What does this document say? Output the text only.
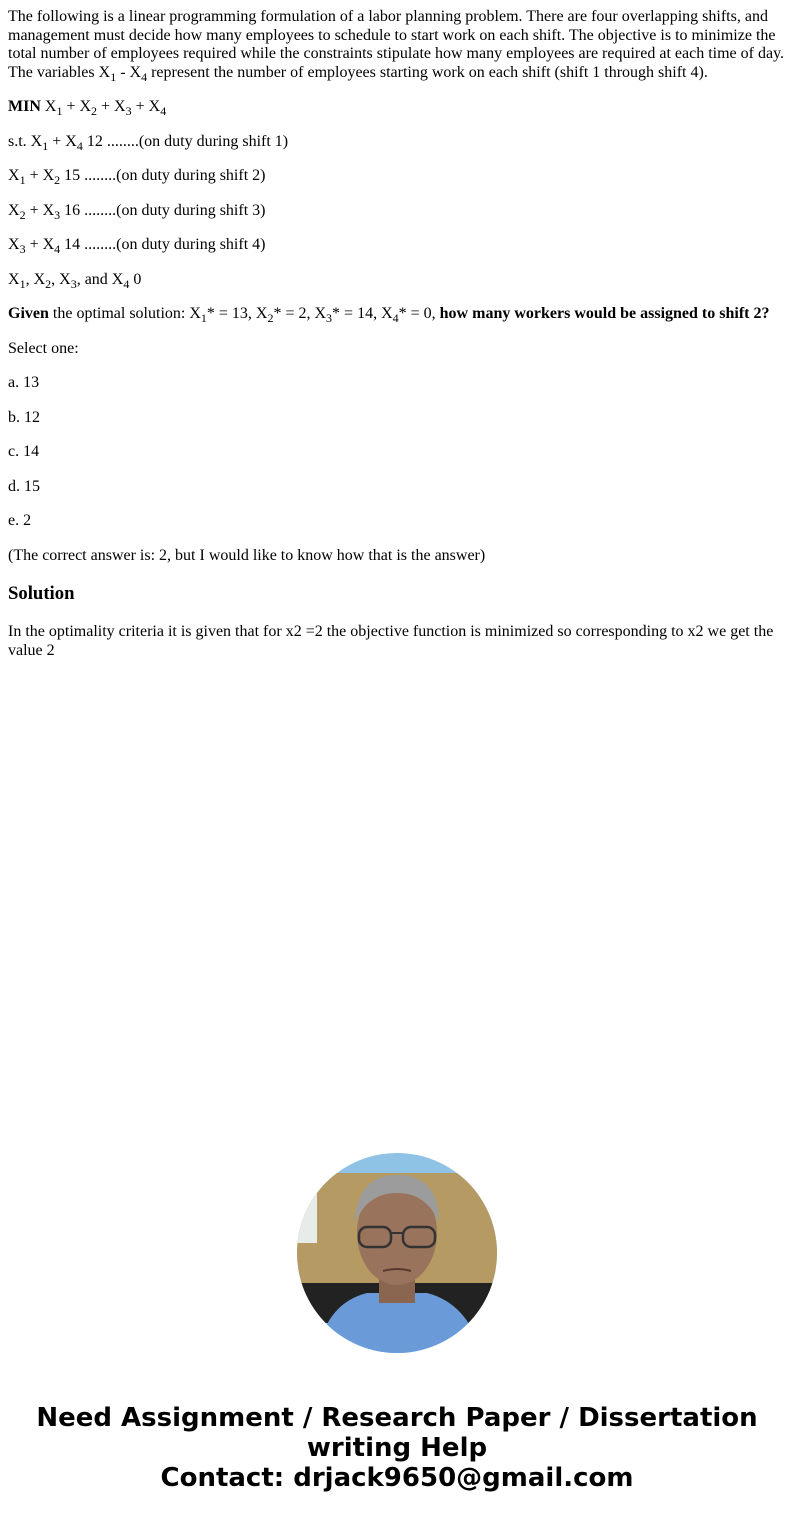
The following is a linear programming formulation of a labor planning problem. There are four overlapping shifts, and management must decide how many employees to schedule to start work on each shift. The objective is to minimize the total number of employees required while the constraints stipulate how many employees are required at each time of day. The variables $X_1 - X_4$ represent the number of employees starting work on each shift (shift 1 through shift 4).

MIN $X_1 + X_2 + X_3 + X_4$

s.t. $X_1 + X_4$ 12 ........(on duty during shift 1)

$X_1 + X_2$ 15 ........(on duty during shift 2)

$X_2 + X_3$ 16 ........(on duty during shift 3)

$X_3 + X_4$ 14 ........(on duty during shift 4)

$X_1$, $X_2$, $X_3$, and $X_4$ 0

Given the optimal solution: $X_1* = 13$, $X_2* = 2$, $X_3* = 14$, $X_4* = 0$, how many workers would be assigned to shift 2?

Select one:

a. 13

b. 12

c. 14

d. 15

e. 2

(The correct answer is: 2, but I would like to know how that is the answer)

Solution

In the optimality criteria it is given that for x2 =2 the objective function is minimized so corresponding to x2 we get the value 2

Need Assignment / Research Paper / Dissertation writing Help
Contact: drjack9650@gmail.com
